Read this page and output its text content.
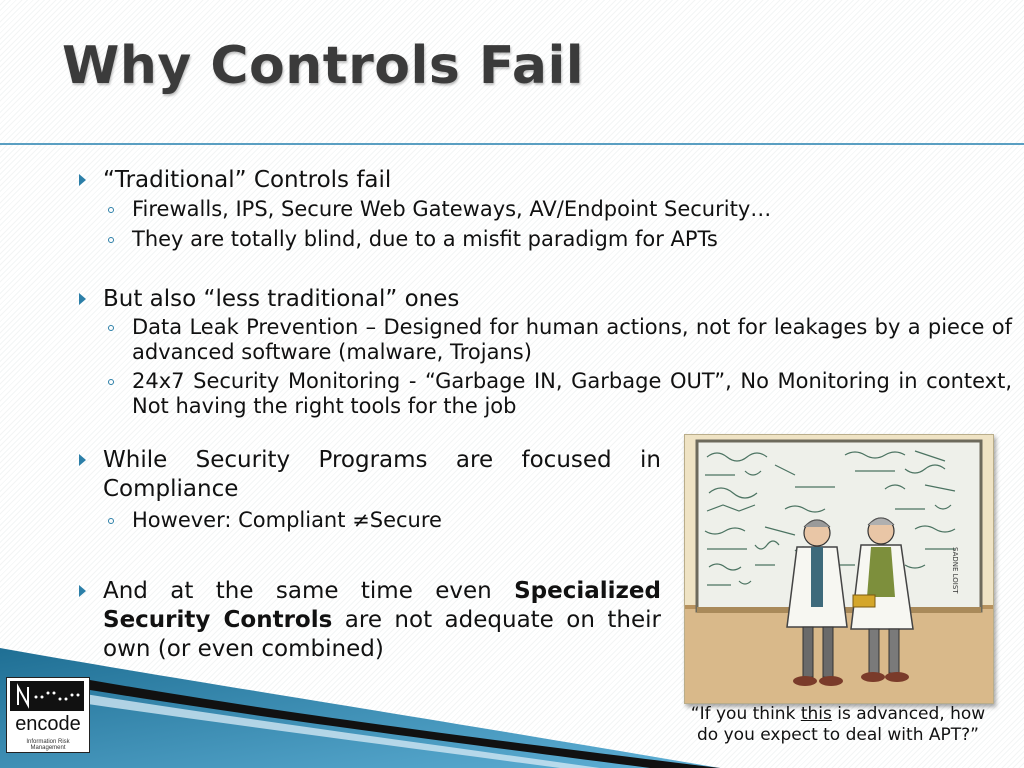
Why Controls Fail
“Traditional” Controls fail
Firewalls, IPS, Secure Web Gateways, AV/Endpoint Security…
They are totally blind, due to a misfit paradigm for APTs
But also “less traditional” ones
Data Leak Prevention – Designed for human actions, not for leakages by a piece of advanced software (malware, Trojans)
24x7 Security Monitoring - “Garbage IN, Garbage OUT”, No Monitoring in context, Not having the right tools for the job
While Security Programs are focused in Compliance
However: Compliant ≠Secure
And at the same time even Specialized Security Controls are not adequate on their own (or even combined)
SADNE LOIST
“If you think this is advanced, how do you expect to deal with APT?”
encode
Information Risk Management
